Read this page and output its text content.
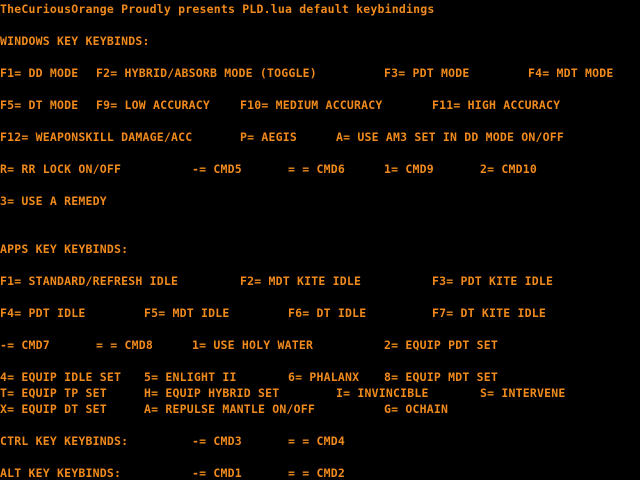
TheCuriousOrange Proudly presents PLD.lua default keybindings
WINDOWS KEY KEYBINDS:
F1= DD MODE F2= HYBRID/ABSORB MODE (TOGGLE)	F3= PDT MODE	F4= MDT MODE
F5= DT MODE F9= LOW ACCURACY	F10= MEDIUM ACCURACY	F11= HIGH ACCURACY
F12= WEAPONSKILL DAMAGE/ACC	P= AEGIS	A= USE AM3 SET IN DD MODE ON/OFF
R= RR LOCK ON/OFF	-= CMD5	= = CMD6	1= CMD9	2= CMD10
3= USE A REMEDY
APPS KEY KEYBINDS:
F1= STANDARD/REFRESH IDLE	F2= MDT KITE IDLE	F3= PDT KITE IDLE
F4= PDT IDLE	F5= MDT IDLE	F6= DT IDLE	F7= DT KITE IDLE
-= CMD7	= = CMD8	1= USE HOLY WATER	2= EQUIP PDT SET
4= EQUIP IDLE SET 5= ENLIGHT II	6= PHALANX 8= EQUIP MDT SET
T= EQUIP TP SET	H= EQUIP HYBRID SET	I= INVINCIBLE	S= INTERVENE
X= EQUIP DT SET	A= REPULSE MANTLE ON/OFF	G= OCHAIN
CTRL KEY KEYBINDS:	-= CMD3	= = CMD4
ALT KEY KEYBINDS:	-= CMD1	= = CMD2
